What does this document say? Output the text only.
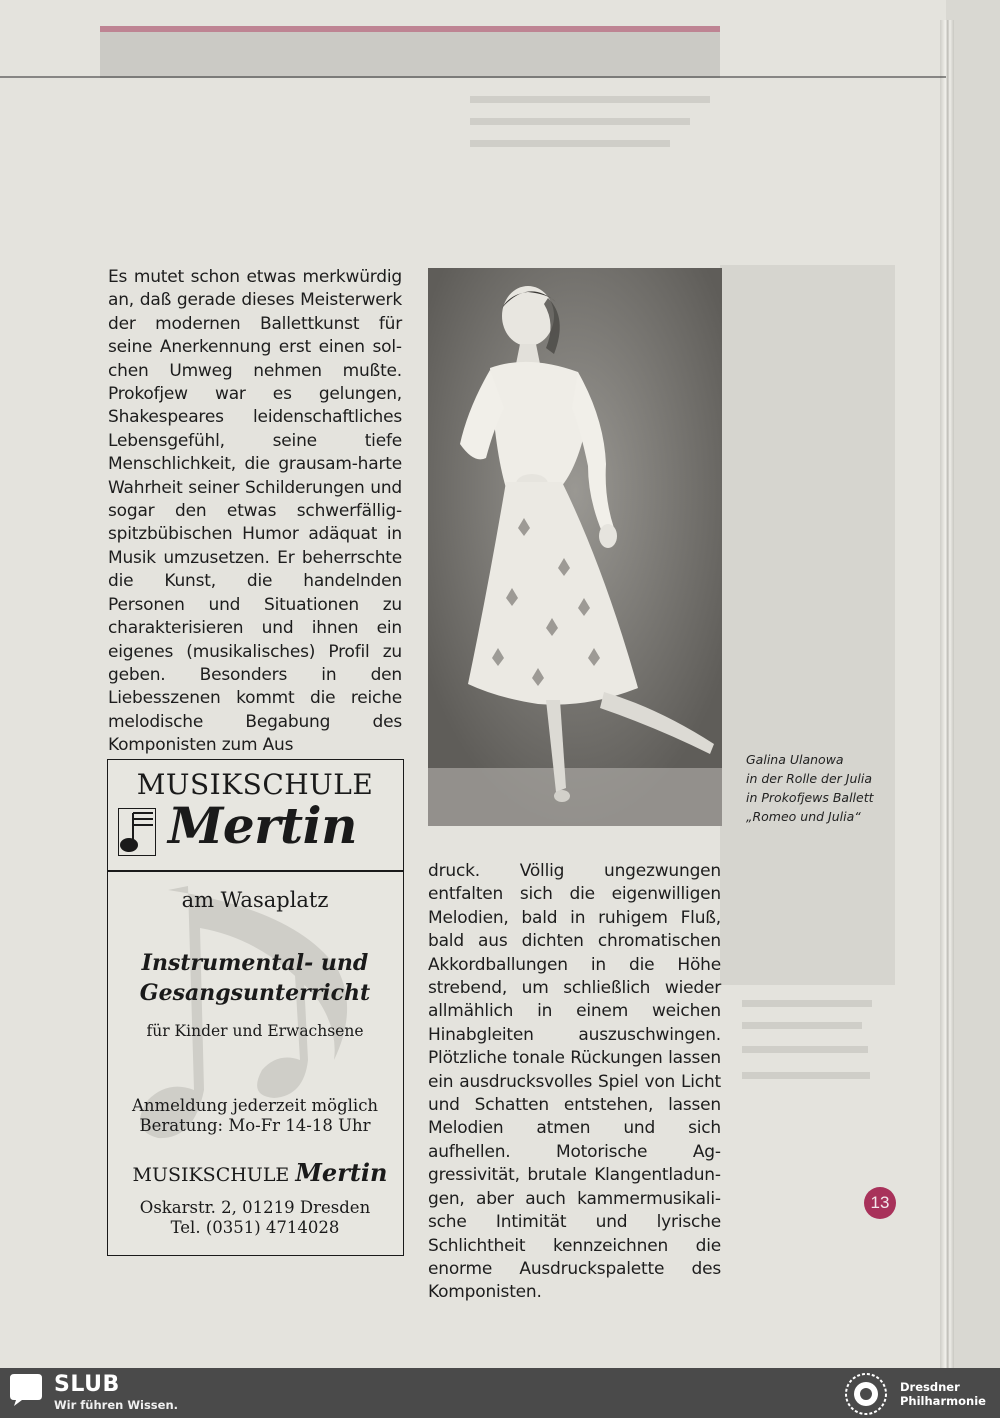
Es mutet schon etwas merkwürdig an, daß gerade dieses Meisterwerk der modernen Ballettkunst für seine Anerkennung erst einen solchen Umweg nehmen mußte. Prokofjew war es gelungen, Shakespeares leidenschaftliches Lebensgefühl, seine tiefe Menschlichkeit, die grausam-harte Wahrheit seiner Schilderungen und sogar den etwas schwerfällig-spitzbübischen Humor adäquat in Musik umzusetzen. Er beherrschte die Kunst, die handelnden Personen und Situationen zu charakterisieren und ihnen ein eigenes (musikalisches) Profil zu geben. Besonders in den Liebesszenen kommt die reiche melodische Begabung des Komponisten zum Aus
Galina Ulanowa
in der Rolle der Julia
in Prokofjews Ballett
„Romeo und Julia“
MUSIKSCHULE
Mertin
am Wasaplatz
Instrumental- und
Gesangsunterricht
für Kinder und Erwachsene
Anmeldung jederzeit möglich
Beratung: Mo-Fr 14-18 Uhr
MUSIKSCHULE Mertin
Oskarstr. 2, 01219 Dresden
Tel. (0351) 4714028
druck. Völlig ungezwungen entfalten sich die eigenwilligen Melodien, bald in ruhigem Fluß, bald aus dichten chromatischen Akkordballungen in die Höhe strebend, um schließlich wieder allmählich in einem weichen Hinabgleiten auszuschwingen. Plötzliche tonale Rückungen lassen ein ausdrucksvolles Spiel von Licht und Schatten entstehen, lassen Melodien atmen und sich aufhellen. Motorische Aggressivität, brutale Klangentladungen, aber auch kammermusikalische Intimität und lyrische Schlichtheit kennzeichnen die enorme Ausdruckspalette des Komponisten.
13
SLUB
Wir führen Wissen.
Dresdner
Philharmonie
